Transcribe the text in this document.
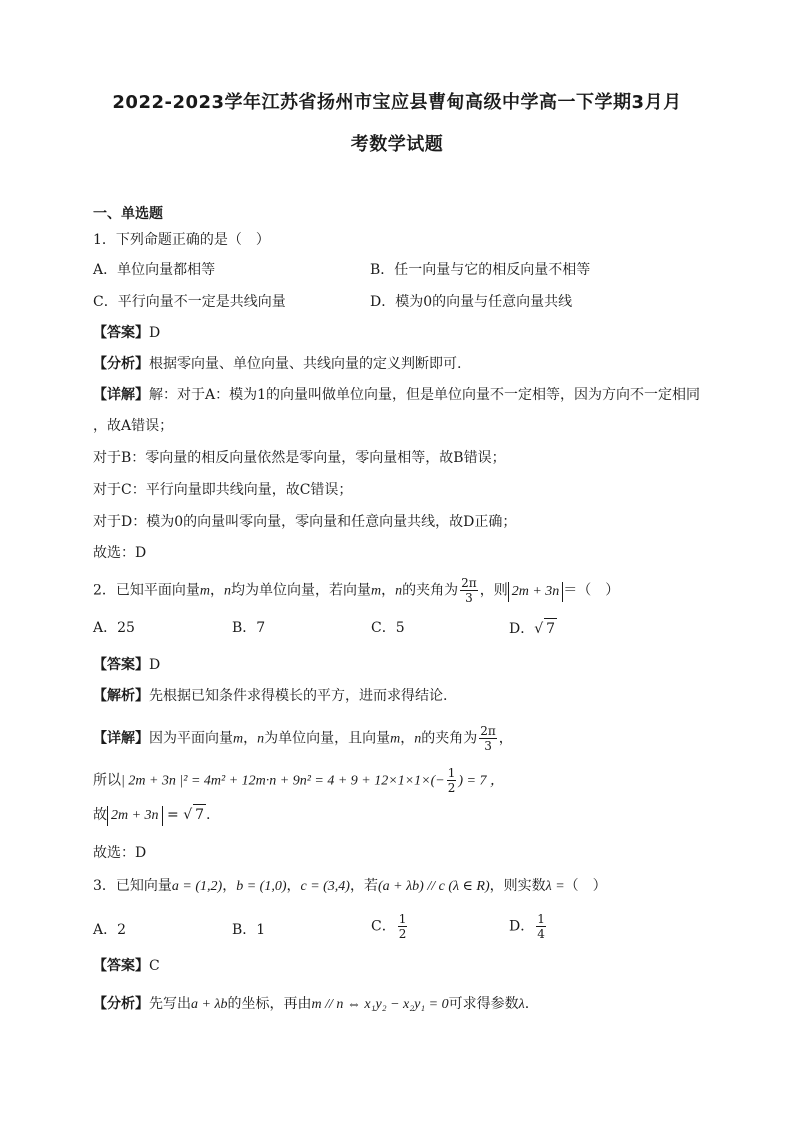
2022-2023学年江苏省扬州市宝应县曹甸高级中学高一下学期3月月
考数学试题
一、单选题
1．下列命题正确的是（　）
A．单位向量都相等	B．任一向量与它的相反向量不相等
C．平行向量不一定是共线向量	D．模为0的向量与任意向量共线
【答案】D
【分析】根据零向量、单位向量、共线向量的定义判断即可.
【详解】解：对于A：模为1的向量叫做单位向量，但是单位向量不一定相等，因为方向不一定相同
，故A错误；
对于B：零向量的相反向量依然是零向量，零向量相等，故B错误；
对于C：平行向量即共线向量，故C错误；
对于D：模为0的向量叫零向量，零向量和任意向量共线，故D正确；
故选：D
2．已知平面向量m，n均为单位向量，若向量m，n的夹角为 $\frac{2\pi}{3}$ ，则 2m + 3n ＝（　）
A．25	B．7	C．5	D．√ 7
【答案】D
【解析】先根据已知条件求得模长的平方，进而求得结论.
【详解】因为平面向量m，n为单位向量，且向量m，n的夹角为 $\frac{2\pi}{3}$ ，
所以| 2m + 3n $|^2 = 4m^2 + 12m\cdot n + 9n^2 = 4 + 9 + 12\times 1\times 1\times(- \frac{1}{2}$ ) = 7 ，
故 2m + 3n = √ 7 .
故选：D
3．已知向量a = (1,2)，b = (1,0)，c = (3,4)，若(a + λb) // c (λ ∈ R)，则实数λ =（　）
A．2	B．1	C． $\frac{1}{2}$	D． $\frac{1}{4}$
【答案】C
【分析】先写出a + λb的坐标，再由m // n ⇔ x₁y₂ − x₂y₁ = 0可求得参数λ.
